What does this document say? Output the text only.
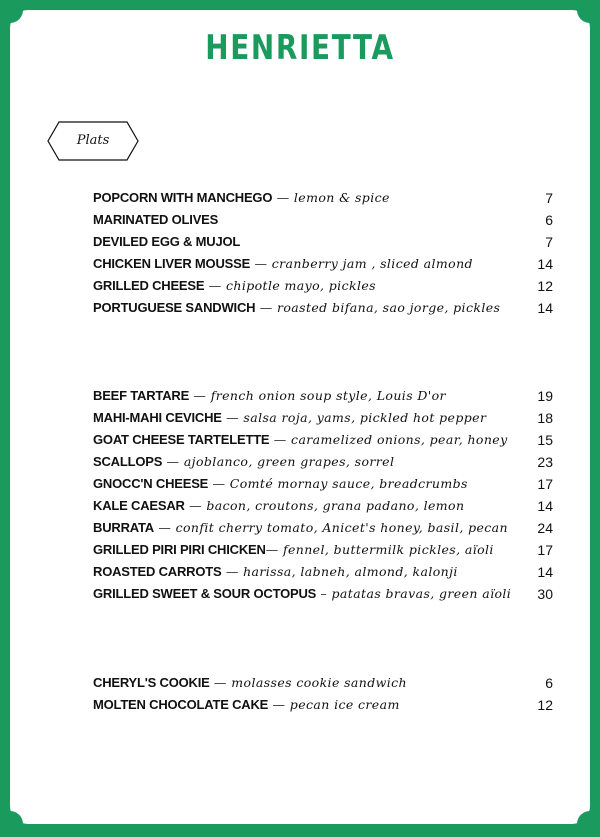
HENRIETTA
Plats
POPCORN WITH MANCHEGO — lemon & spice	7
MARINATED OLIVES	6
DEVILED EGG & MUJOL	7
CHICKEN LIVER MOUSSE — cranberry jam , sliced almond	14
GRILLED CHEESE — chipotle mayo, pickles	12
PORTUGUESE SANDWICH — roasted bifana, sao jorge, pickles	14
BEEF TARTARE — french onion soup style, Louis D'or	19
MAHI-MAHI CEVICHE — salsa roja, yams, pickled hot pepper	18
GOAT CHEESE TARTELETTE — caramelized onions, pear, honey 15
SCALLOPS — ajoblanco, green grapes, sorrel	23
GNOCC'N CHEESE — Comté mornay sauce, breadcrumbs	17
KALE CAESAR — bacon, croutons, grana padano, lemon	14
BURRATA — confit cherry tomato, Anicet's honey, basil, pecan 24
GRILLED PIRI PIRI CHICKEN— fennel, buttermilk pickles, aïoli	17
ROASTED CARROTS — harissa, labneh, almond, kalonji	14
GRILLED SWEET & SOUR OCTOPUS – patatas bravas, green aïoli 30
CHERYL'S COOKIE — molasses cookie sandwich	6
MOLTEN CHOCOLATE CAKE — pecan ice cream	12
